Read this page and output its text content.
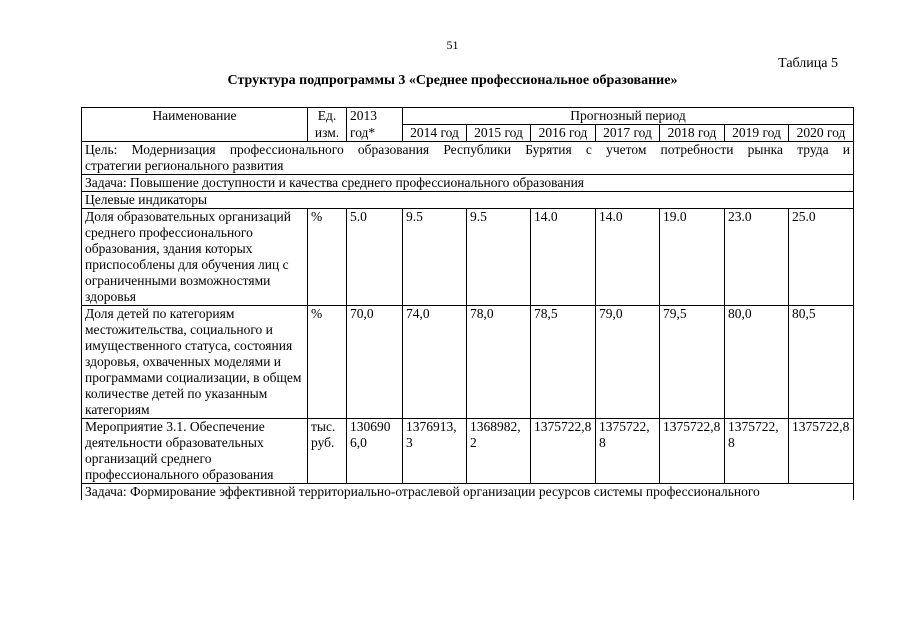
51
Таблица 5
Структура подпрограммы 3 «Среднее профессиональное образование»
Наименование	Ед.	2013	Прогнозный период						
	изм.	год*	2014 год	2015 год	2016 год	2017 год	2018 год	2019 год	2020 год

Цель: Модернизация профессионального образования Республики Бурятия с учетом потребности рынка труда и
стратегии регионального развития									

Задача: Повышение доступности и качества среднего профессионального образования									
Целевые индикаторы									
Доля образовательных организаций среднего профессионального образования, здания которых приспособлены для обучения лиц с ограниченными возможностями здоровья	%	5.0	9.5	9.5	14.0	14.0	19.0	23.0	25.0
Доля детей по категориям местожительства, социального и имущественного статуса, состояния здоровья, охваченных моделями и программами социализации, в общем количестве детей по указанным категориям	%	70,0	74,0	78,0	78,5	79,0	79,5	80,0	80,5
Мероприятие 3.1. Обеспечение деятельности образовательных организаций среднего профессионального образования	тыс. руб.	1306906,0	1376913,3	1368982,2	1375722,8	1375722,8	1375722,8	1375722,8	1375722,8
Задача: Формирование эффективной территориально-отраслевой организации ресурсов системы профессионального									
